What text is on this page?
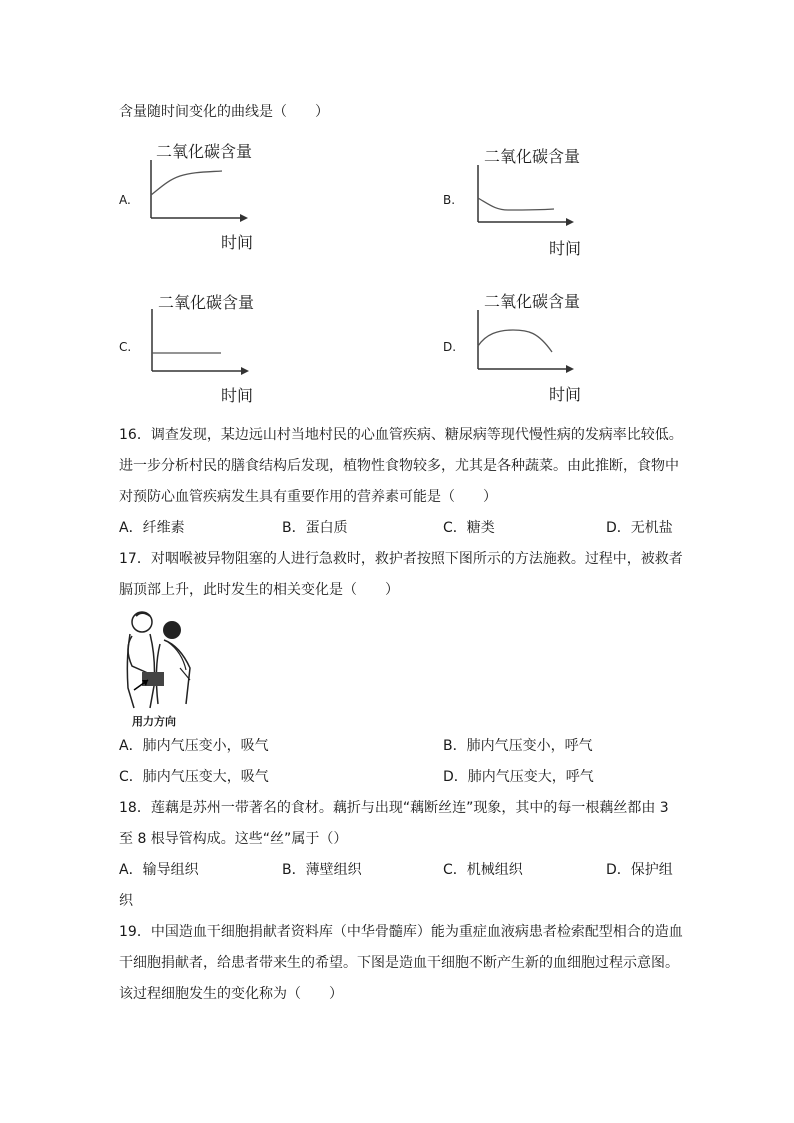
含量随时间变化的曲线是（　　）
A.
二氧化碳含量
时间
B.
二氧化碳含量
时间
C.
二氧化碳含量
时间
D.
二氧化碳含量
时间
16．调查发现，某边远山村当地村民的心血管疾病、糖尿病等现代慢性病的发病率比较低。
进一步分析村民的膳食结构后发现，植物性食物较多，尤其是各种蔬菜。由此推断，食物中
对预防心血管疾病发生具有重要作用的营养素可能是（　　）
A．纤维素	B．蛋白质	C．糖类	D．无机盐
17．对咽喉被异物阻塞的人进行急救时，救护者按照下图所示的方法施救。过程中，被救者
膈顶部上升，此时发生的相关变化是（　　）
用力方向
A．肺内气压变小，吸气	B．肺内气压变小，呼气
C．肺内气压变大，吸气	D．肺内气压变大，呼气
18．莲藕是苏州一带著名的食材。藕折与出现“藕断丝连”现象，其中的每一根藕丝都由 3
至 8 根导管构成。这些“丝”属于（）
A．输导组织	B．薄壁组织	C．机械组织	D．保护组
织
19．中国造血干细胞捐献者资料库（中华骨髓库）能为重症血液病患者检索配型相合的造血
干细胞捐献者，给患者带来生的希望。下图是造血干细胞不断产生新的血细胞过程示意图。
该过程细胞发生的变化称为（　　）
